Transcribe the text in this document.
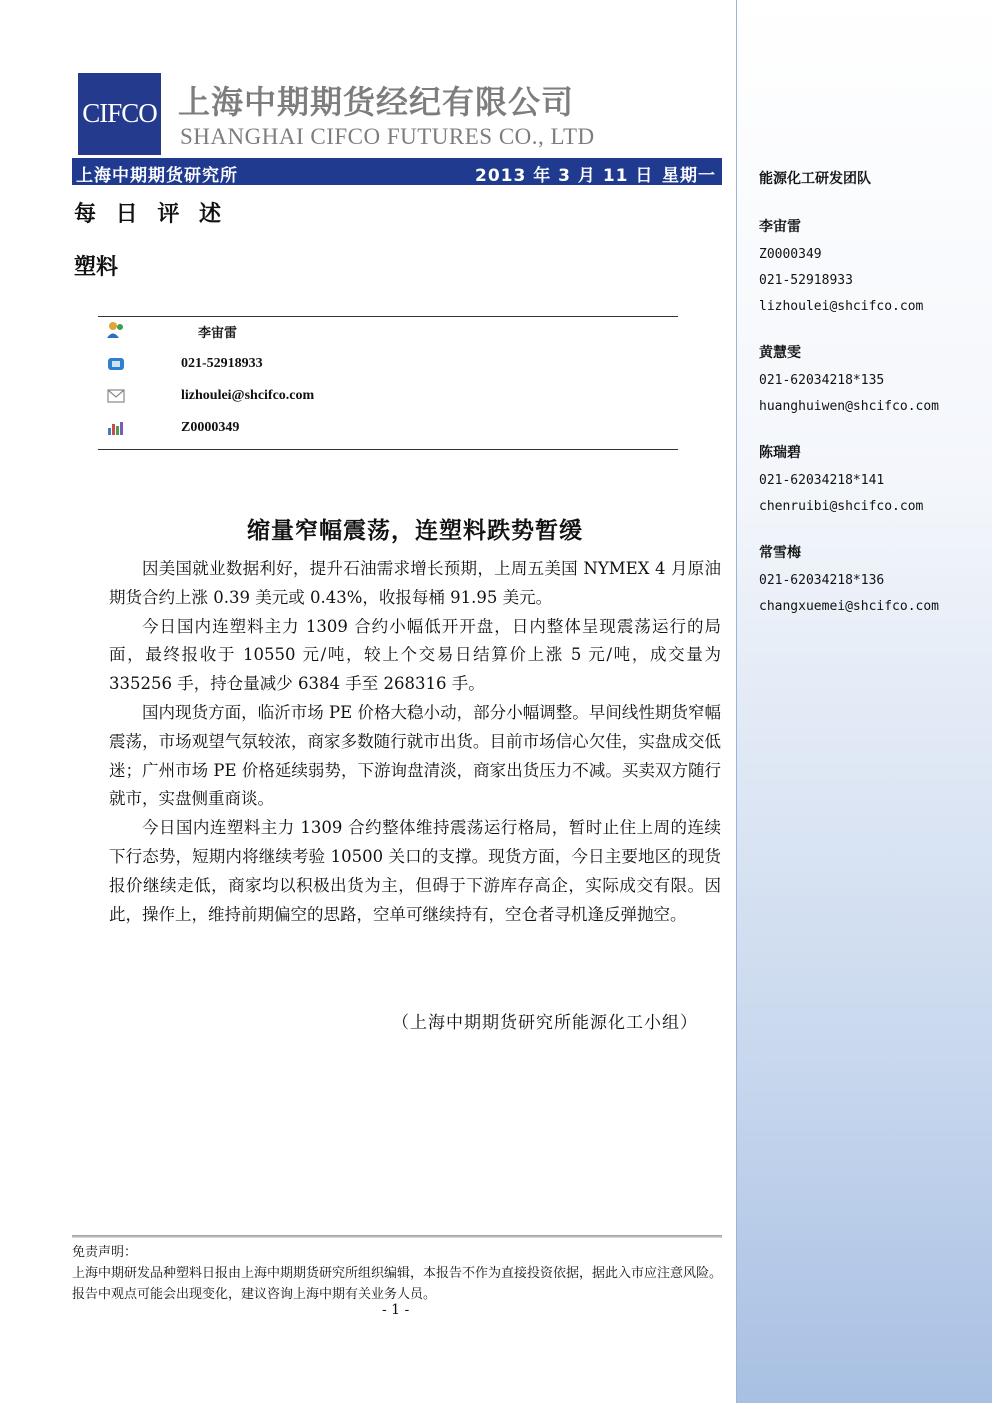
能源化工研发团队
李宙雷
Z0000349
021-52918933
lizhoulei@shcifco.com
黄慧雯
021-62034218*135
huanghuiwen@shcifco.com
陈瑞碧
021-62034218*141
chenruibi@shcifco.com
常雪梅
021-62034218*136
changxuemei@shcifco.com
CIFCO 上海中期期货经纪有限公司
SHANGHAI CIFCO FUTURES CO., LTD
上海中期期货研究所	2013 年 3 月 11 日 星期一
每 日 评 述
塑料
李宙雷
021-52918933
lizhoulei@shcifco.com
Z0000349
缩量窄幅震荡，连塑料跌势暂缓

因美国就业数据利好，提升石油需求增长预期，上周五美国 NYMEX 4 月原油期货合约上涨 0.39 美元或 0.43%，收报每桶 91.95 美元。

今日国内连塑料主力 1309 合约小幅低开开盘，日内整体呈现震荡运行的局面，最终报收于 10550 元/吨，较上个交易日结算价上涨 5 元/吨，成交量为 335256 手，持仓量减少 6384 手至 268316 手。

国内现货方面，临沂市场 PE 价格大稳小动，部分小幅调整。早间线性期货窄幅震荡，市场观望气氛较浓，商家多数随行就市出货。目前市场信心欠佳，实盘成交低迷；广州市场 PE 价格延续弱势，下游询盘清淡，商家出货压力不减。买卖双方随行就市，实盘侧重商谈。

今日国内连塑料主力 1309 合约整体维持震荡运行格局，暂时止住上周的连续下行态势，短期内将继续考验 10500 关口的支撑。现货方面，今日主要地区的现货报价继续走低，商家均以积极出货为主，但碍于下游库存高企，实际成交有限。因此，操作上，维持前期偏空的思路，空单可继续持有，空仓者寻机逢反弹抛空。

（上海中期期货研究所能源化工小组）
免责声明：
上海中期研发品种塑料日报由上海中期期货研究所组织编辑，本报告不作为直接投资依据，据此入市应注意风险。报告中观点可能会出现变化，建议咨询上海中期有关业务人员。
- 1 -
